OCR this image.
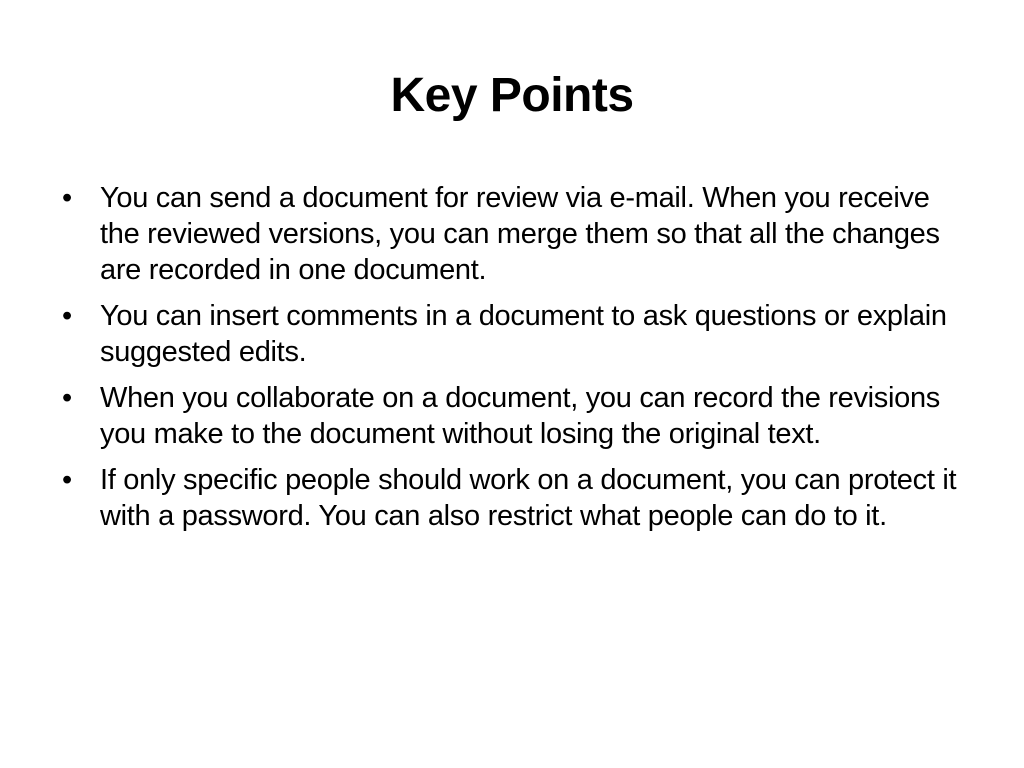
Key Points
• You can send a document for review via e-mail. When you receive the reviewed versions, you can merge them so that all the changes are recorded in one document.
• You can insert comments in a document to ask questions or explain suggested edits.
• When you collaborate on a document, you can record the revisions you make to the document without losing the original text.
• If only specific people should work on a document, you can protect it with a password. You can also restrict what people can do to it.
